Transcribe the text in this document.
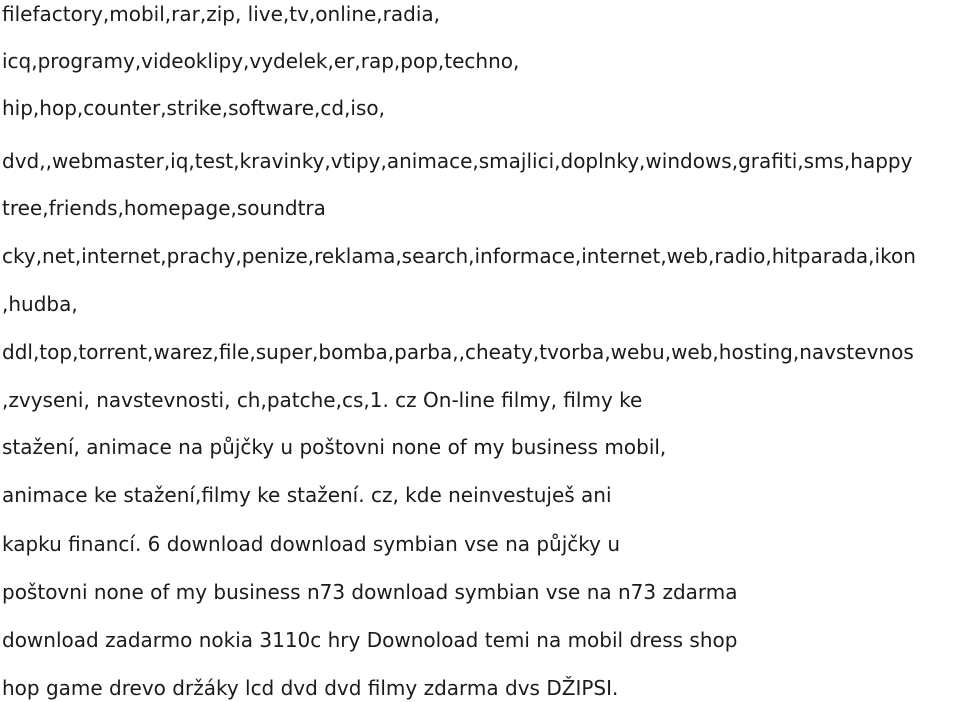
filefactory,mobil,rar,zip, live,tv,online,radia,
icq,programy,videoklipy,vydelek,er,rap,pop,techno,
hip,hop,counter,strike,software,cd,iso,
dvd,,webmaster,iq,test,kravinky,vtipy,animace,smajlici,doplnky,windows,grafiti,sms,happy
tree,friends,homepage,soundtra
cky,net,internet,prachy,penize,reklama,search,informace,internet,web,radio,hitparada,ikon
,hudba,
ddl,top,torrent,warez,file,super,bomba,parba,,cheaty,tvorba,webu,web,hosting,navstevnos
,zvyseni, navstevnosti, ch,patche,cs,1. cz On-line filmy, filmy ke
stažení, animace na půjčky u poštovni none of my business mobil,
animace ke stažení,filmy ke stažení. cz, kde neinvestuješ ani
kapku financí. 6 download download symbian vse na půjčky u
poštovni none of my business n73 download symbian vse na n73 zdarma
download zadarmo nokia 3110c hry Downoload temi na mobil dress shop
hop game drevo držáky lcd dvd dvd filmy zdarma dvs DŽIPSI.
